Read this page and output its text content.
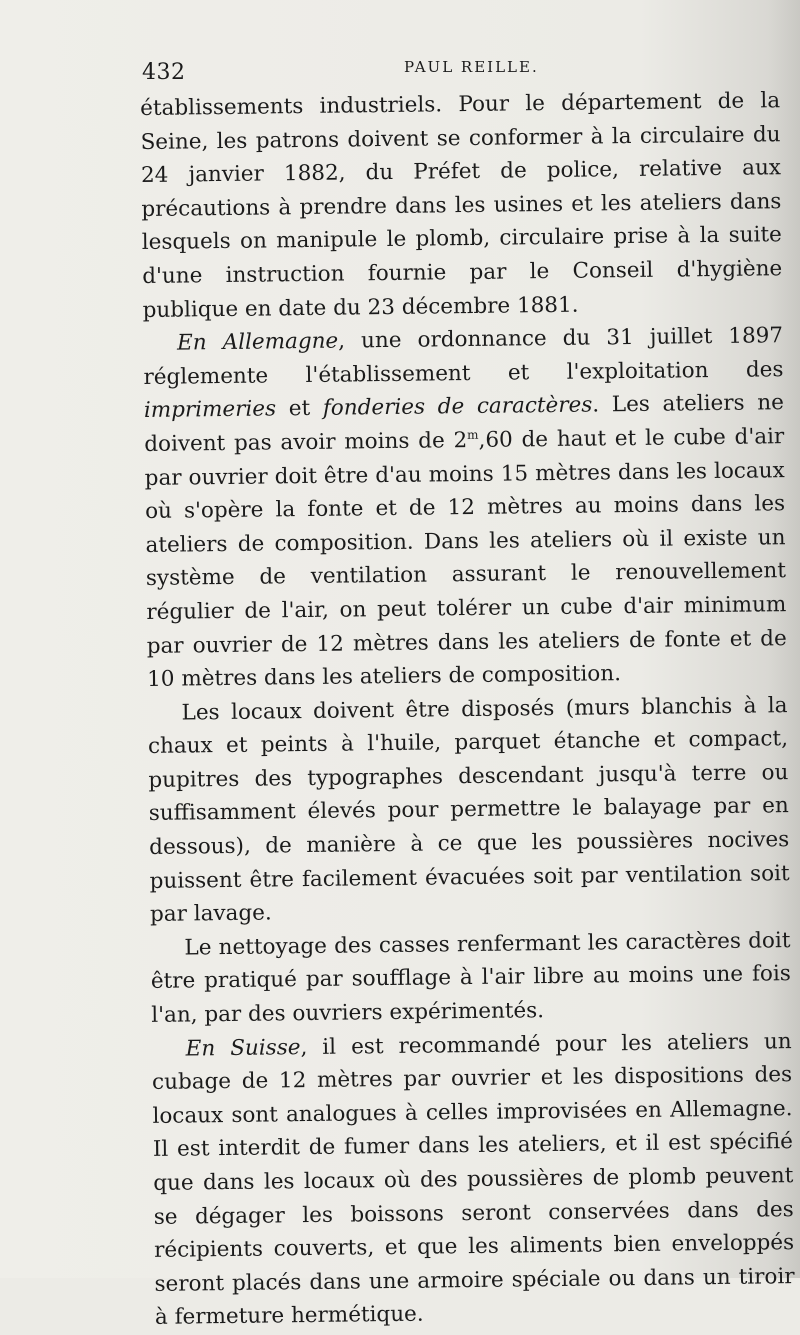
432	PAUL REILLE.

établissements industriels. Pour le département de la Seine, les patrons doivent se conformer à la circulaire du 24 janvier 1882, du Préfet de police, relative aux précautions à prendre dans les usines et les ateliers dans lesquels on manipule le plomb, circulaire prise à la suite d'une instruction fournie par le Conseil d'hygiène publique en date du 23 décembre 1881.

En Allemagne, une ordonnance du 31 juillet 1897 réglemente l'établissement et l'exploitation des imprimeries et fonderies de caractères. Les ateliers ne doivent pas avoir moins de 2$^m$,60 de haut et le cube d'air par ouvrier doit être d'au moins 15 mètres dans les locaux où s'opère la fonte et de 12 mètres au moins dans les ateliers de composition. Dans les ateliers où il existe un système de ventilation assurant le renouvellement régulier de l'air, on peut tolérer un cube d'air minimum par ouvrier de 12 mètres dans les ateliers de fonte et de 10 mètres dans les ateliers de composition.

Les locaux doivent être disposés (murs blanchis à la chaux et peints à l'huile, parquet étanche et compact, pupitres des typographes descendant jusqu'à terre ou suffisamment élevés pour permettre le balayage par en dessous), de manière à ce que les poussières nocives puissent être facilement évacuées soit par ventilation soit par lavage.

Le nettoyage des casses renfermant les caractères doit être pratiqué par soufflage à l'air libre au moins une fois l'an, par des ouvriers expérimentés.

En Suisse, il est recommandé pour les ateliers un cubage de 12 mètres par ouvrier et les dispositions des locaux sont analogues à celles improvisées en Allemagne. Il est interdit de fumer dans les ateliers, et il est spécifié que dans les locaux où des poussières de plomb peuvent se dégager les boissons seront conservées dans des récipients couverts, et que les aliments bien enveloppés seront placés dans une armoire spéciale ou dans un tiroir à fermeture hermétique.
